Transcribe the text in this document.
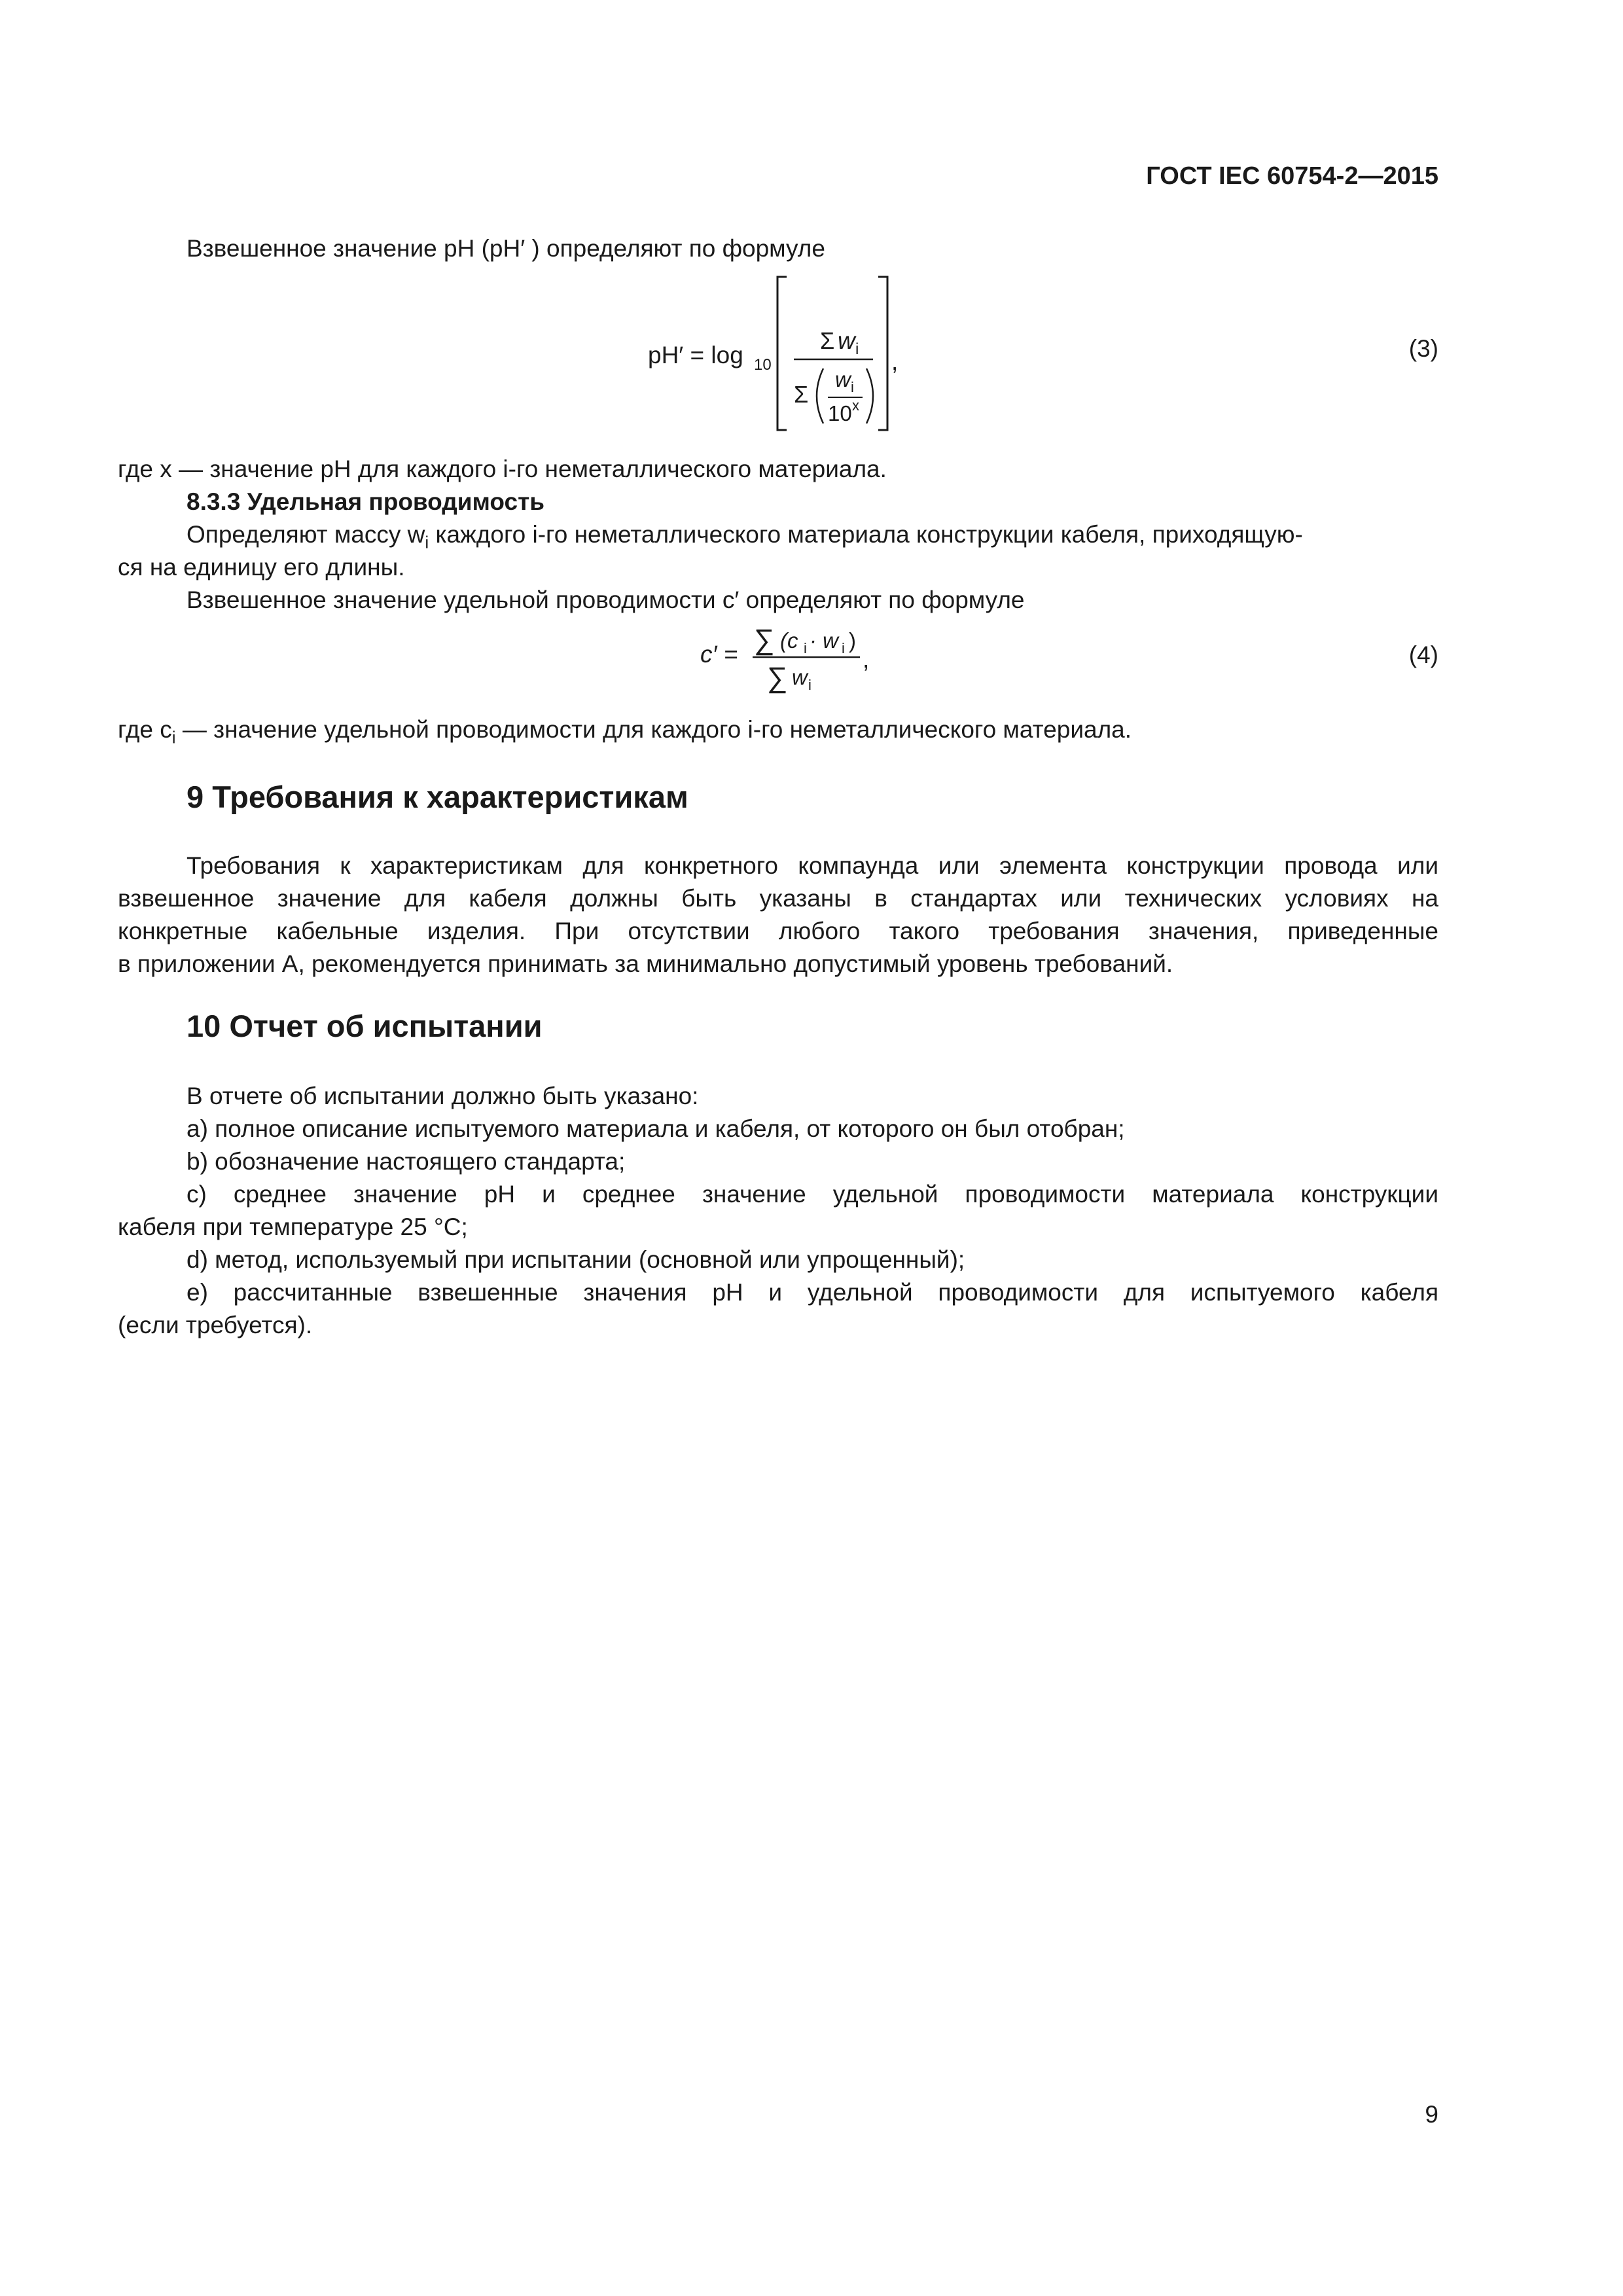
ГОСТ IEC 60754-2—2015
Взвешенное значение рН (рН′ ) определяют по формуле
рН′ = log 10
Σ w i
Σ
w i
10 x
,	(3)
где х — значение рН для каждого i-го неметаллического материала.
8.3.3 Удельная проводимость
Определяют массу $w_i$ каждого i-го неметаллического материала конструкции кабеля, приходящую-
ся на единицу его длины.
Взвешенное значение удельной проводимости c′ определяют по формуле
c′ = ∑ (c i · w i )
∑ w i
,	(4)
где $c_i$ — значение удельной проводимости для каждого i-го неметаллического материала.
9 Требования к характеристикам
Требования к характеристикам для конкретного компаунда или элемента конструкции провода или
взвешенное значение для кабеля должны быть указаны в стандартах или технических условиях на
конкретные кабельные изделия. При отсутствии любого такого требования значения, приведенные
в приложении А, рекомендуется принимать за минимально допустимый уровень требований.
10 Отчет об испытании
В отчете об испытании должно быть указано:
a) полное описание испытуемого материала и кабеля, от которого он был отобран;
b) обозначение настоящего стандарта;
c) среднее значение рН и среднее значение удельной проводимости материала конструкции
кабеля при температуре 25 °С;
d) метод, используемый при испытании (основной или упрощенный);
e) рассчитанные взвешенные значения рН и удельной проводимости для испытуемого кабеля
(если требуется).
9
